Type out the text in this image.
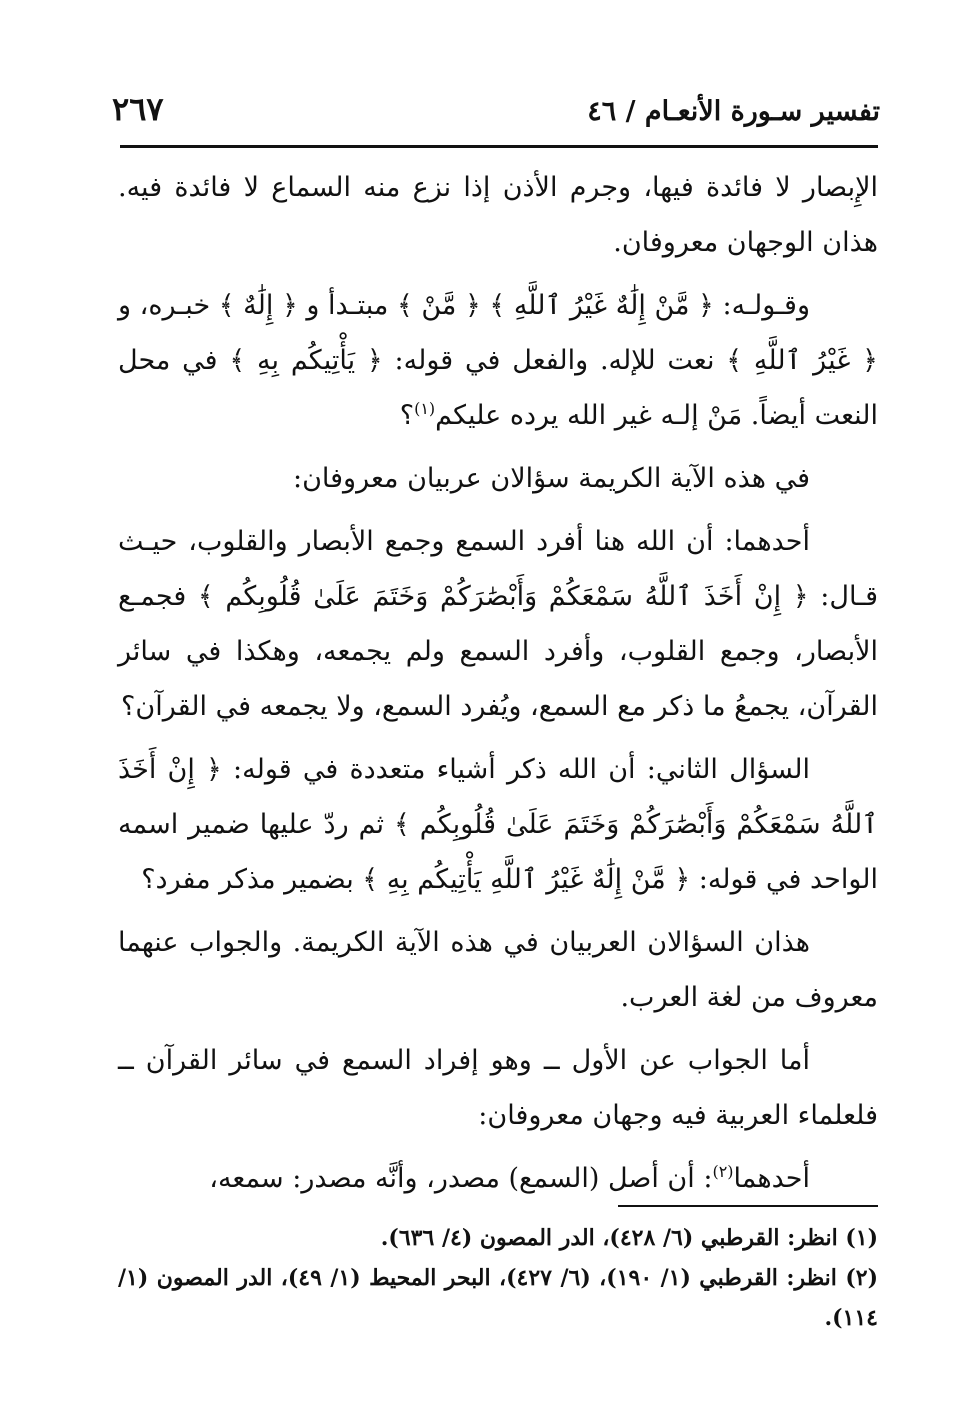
تفسير سـورة الأنعـام / ٤٦
٢٦٧

الإِبصار لا فائدة فيها، وجرم الأذن إذا نزع منه السماع لا فائدة فيه. هذان الوجهان معروفان.

وقـولـه: ﴿ مَّنْ إِلَٰهٌ غَيْرُ ٱللَّهِ ﴾ ﴿ مَّنْ ﴾ مبتـدأ و ﴿ إِلَٰهٌ ﴾ خبـره، و ﴿ غَيْرُ ٱللَّهِ ﴾ نعت للإله. والفعل في قوله: ﴿ يَأْتِيكُم بِهِ ﴾ في محل النعت أيضاً. مَنْ إلـه غير الله يرده عليكم$^{(١)}$؟

في هذه الآية الكريمة سؤالان عربيان معروفان:

أحدهما: أن الله هنا أفرد السمع وجمع الأبصار والقلوب، حيـث قـال: ﴿ إِنْ أَخَذَ ٱللَّهُ سَمْعَكُمْ وَأَبْصَٰرَكُمْ وَخَتَمَ عَلَىٰ قُلُوبِكُم ﴾ فجمـع الأبصار، وجمع القلوب، وأفرد السمع ولم يجمعه، وهكذا في سائر القرآن، يجمعُ ما ذكر مع السمع، ويُفرد السمع، ولا يجمعه في القرآن؟

السؤال الثاني: أن الله ذكر أشياء متعددة في قوله: ﴿ إِنْ أَخَذَ ٱللَّهُ سَمْعَكُمْ وَأَبْصَٰرَكُمْ وَخَتَمَ عَلَىٰ قُلُوبِكُم ﴾ ثم ردّ عليها ضمير اسمه الواحد في قوله: ﴿ مَّنْ إِلَٰهٌ غَيْرُ ٱللَّهِ يَأْتِيكُم بِهِ ﴾ بضمير مذكر مفرد؟

هذان السؤالان العربيان في هذه الآية الكريمة. والجواب عنهما معروف من لغة العرب.

أما الجواب عن الأول ــ وهو إفراد السمع في سائر القرآن ــ فلعلماء العربية فيه وجهان معروفان:

أحدهما$^{(٢)}$: أن أصل (السمع) مصدر، وأنَّه مصدر: سمعه،

(١) انظر: القرطبي (٦/ ٤٢٨)، الدر المصون (٤/ ٦٣٦).

(٢) انظر: القرطبي (١/ ١٩٠)، (٦/ ٤٢٧)، البحر المحيط (١/ ٤٩)، الدر المصون (١/ ١١٤).
